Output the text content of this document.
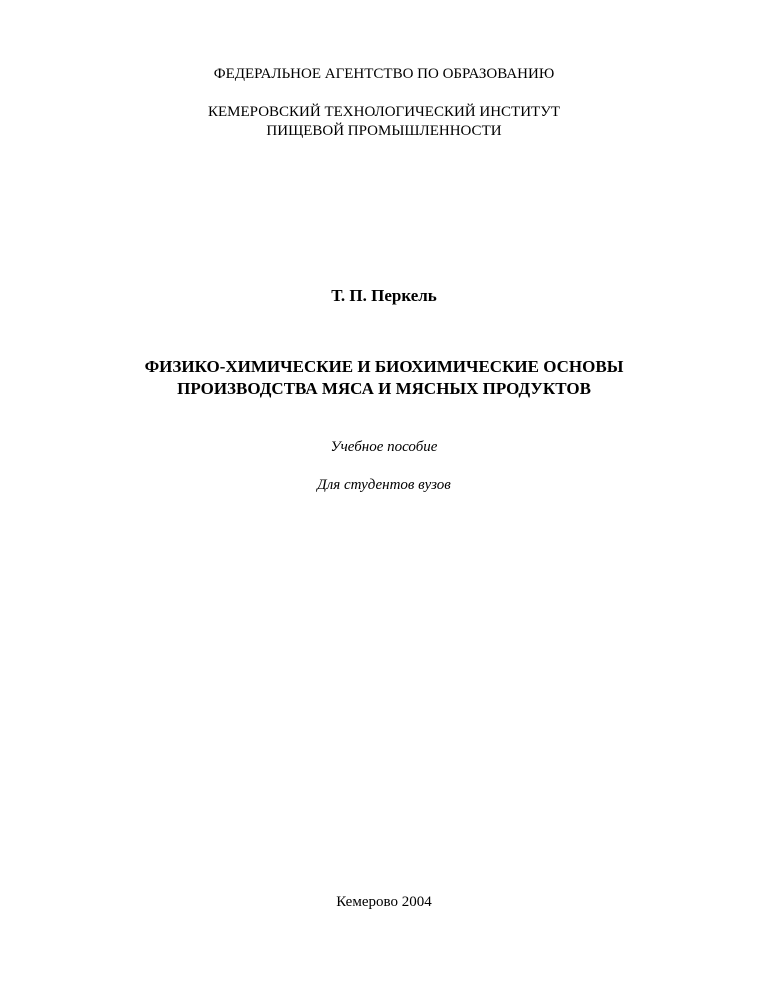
ФЕДЕРАЛЬНОЕ АГЕНТСТВО ПО ОБРАЗОВАНИЮ
КЕМЕРОВСКИЙ ТЕХНОЛОГИЧЕСКИЙ ИНСТИТУТ
ПИЩЕВОЙ ПРОМЫШЛЕННОСТИ
Т. П. Перкель
ФИЗИКО-ХИМИЧЕСКИЕ И БИОХИМИЧЕСКИЕ ОСНОВЫ
ПРОИЗВОДСТВА МЯСА И МЯСНЫХ ПРОДУКТОВ
Учебное пособие
Для студентов вузов
Кемерово 2004
